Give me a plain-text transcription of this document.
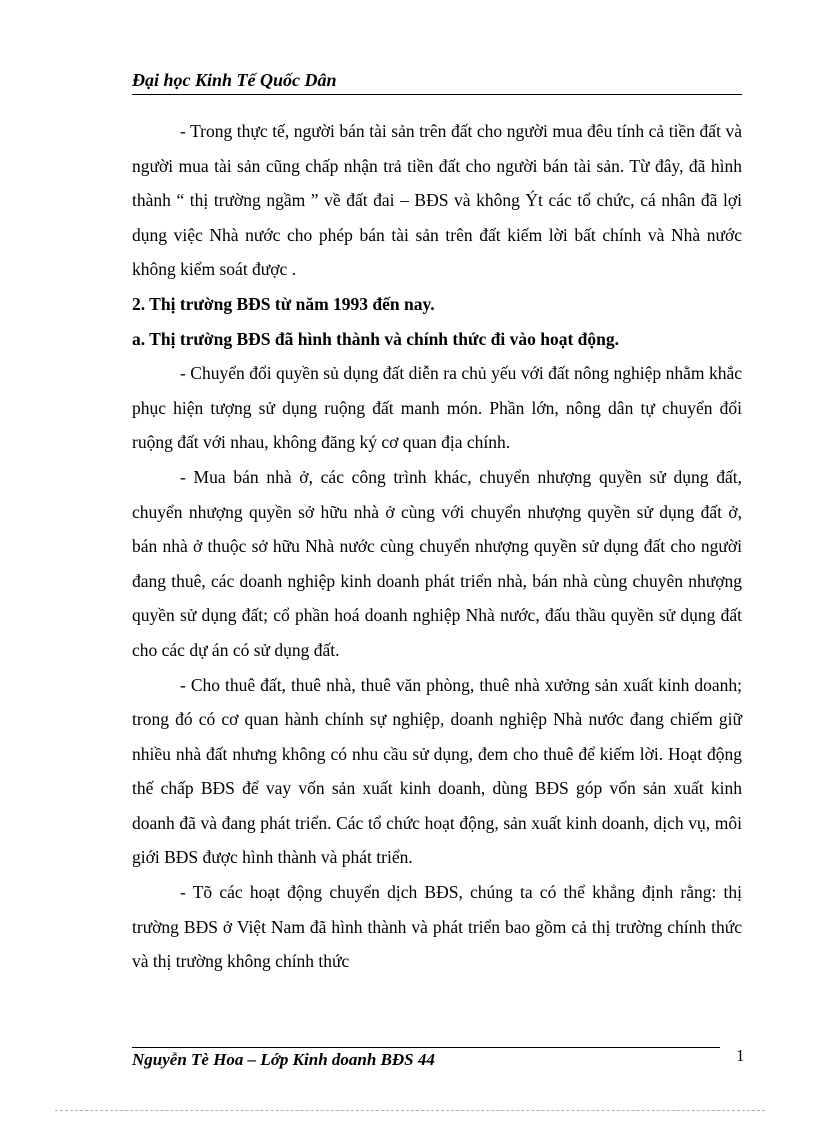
Đại học Kinh Tế Quốc Dân

- Trong thực tế, người bán tài sản trên đất cho người mua đêu tính cả tiền đất và người mua tài sản cũng chấp nhận trả tiền đất cho người bán tài sản. Từ đây, đã hình thành “ thị trường ngầm ” về đất đai – BĐS và không Ýt các tổ chức, cá nhân đã lợi dụng việc Nhà nước cho phép bán tài sản trên đất kiếm lời bất chính và Nhà nước không kiểm soát được .

2. Thị trường BĐS từ năm 1993 đến nay.

a. Thị trường BĐS đã hình thành và chính thức đi vào hoạt động.

- Chuyển đổi quyền sủ dụng đất diễn ra chủ yếu với đất nông nghiệp nhằm khắc phục hiện tượng sử dụng ruộng đất manh món. Phần lớn, nông dân tự chuyển đổi ruộng đất với nhau, không đăng ký cơ quan địa chính.

- Mua bán nhà ở, các công trình khác, chuyển nhượng quyền sử dụng đất, chuyển nhượng quyền sở hữu nhà ở cùng với chuyển nhượng quyền sử dụng đất ở, bán nhà ở thuộc sở hữu Nhà nước cùng chuyển nhượng quyền sử dụng đất cho người đang thuê, các doanh nghiệp kinh doanh phát triển nhà, bán nhà cùng chuyên nhượng quyền sử dụng đất; cổ phần hoá doanh nghiệp Nhà nước, đấu thầu quyền sử dụng đất cho các dự án có sử dụng đất.

- Cho thuê đất, thuê nhà, thuê văn phòng, thuê nhà xưởng sản xuất kinh doanh; trong đó có cơ quan hành chính sự nghiệp, doanh nghiệp Nhà nước đang chiếm giữ nhiều nhà đất nhưng không có nhu cầu sử dụng, đem cho thuê để kiếm lời. Hoạt động thế chấp BĐS để vay vốn sản xuất kinh doanh, dùng BĐS góp vốn sản xuất kinh doanh đã và đang phát triển. Các tổ chức hoạt động, sản xuất kinh doanh, dịch vụ, môi giới BĐS được hình thành và phát triển.

- Tõ các hoạt động chuyển dịch BĐS, chúng ta có thể khẳng định rằng: thị trường BĐS ở Việt Nam đã hình thành và phát triển bao gồm cả thị trường chính thức và thị trường không chính thức

Nguyễn Tè Hoa – Lớp Kinh doanh BĐS 44	1
